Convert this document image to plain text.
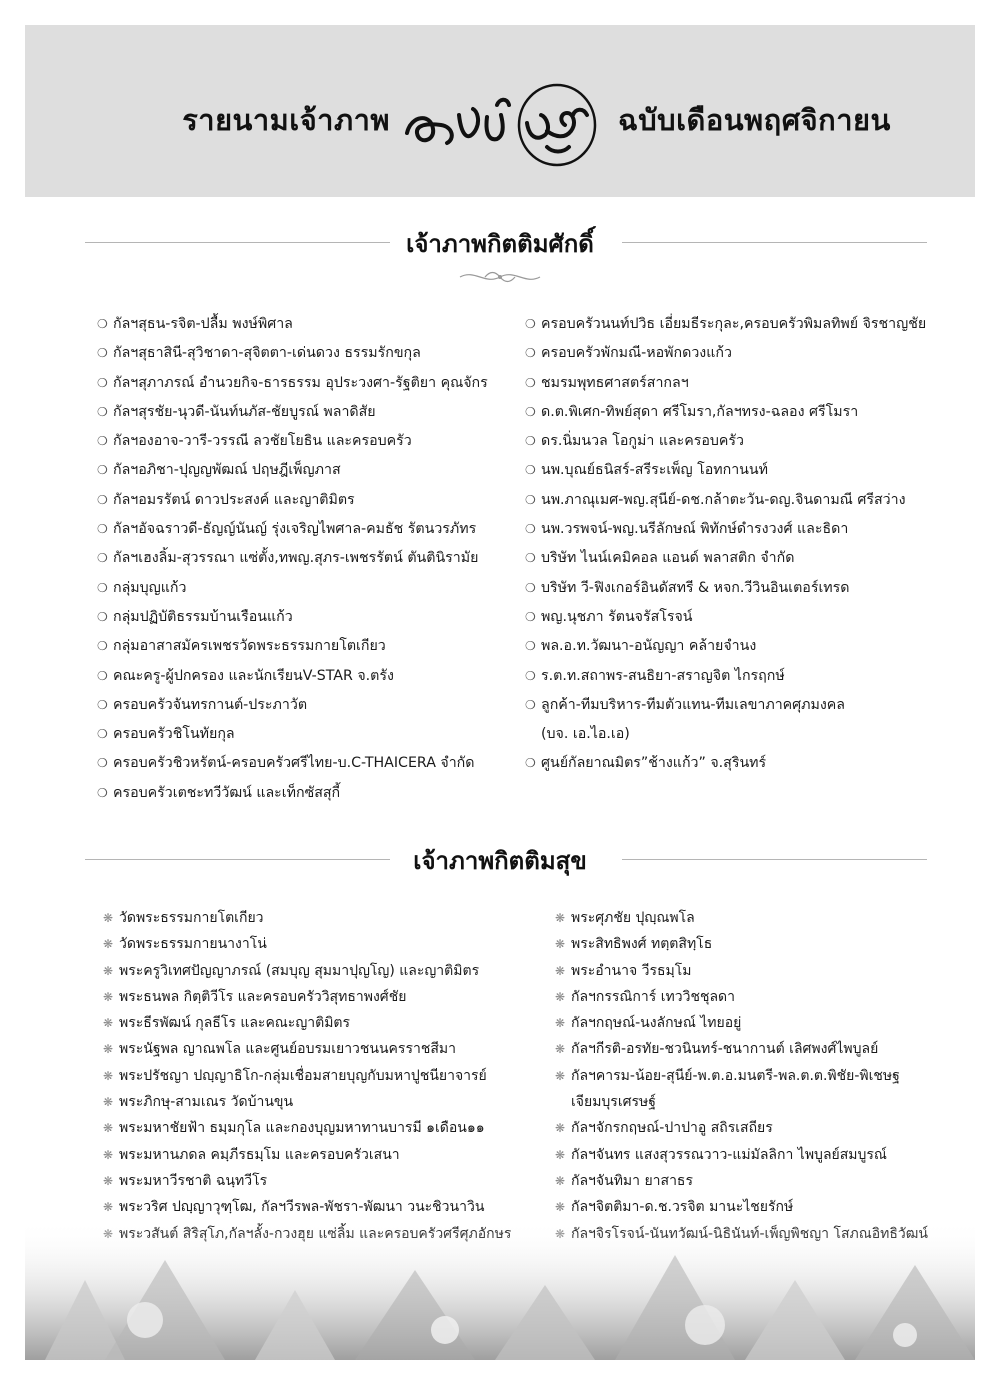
รายนามเจ้าภาพ
อยู่ในบุญ
ฉบับเดือนพฤศจิกายน
เจ้าภาพกิตติมศักดิ์
❍ กัลฯสุธน-รจิต-ปลื้ม พงษ์พิศาล
❍ กัลฯสุธาสินี-สุวิชาดา-สุจิตตา-เด่นดวง ธรรมรักขกุล
❍ กัลฯสุภาภรณ์ อำนวยกิจ-ธารธรรม อุประวงศา-รัฐติยา คุณจักร
❍ กัลฯสุรชัย-นุวดี-นันท์นภัส-ชัยบูรณ์ พลาดิสัย
❍ กัลฯองอาจ-วารี-วรรณี ลวชัยโยธิน และครอบครัว
❍ กัลฯอภิชา-ปุญญพัฒณ์ ปฤษฎีเพ็ญภาส
❍ กัลฯอมรรัตน์ ดาวประสงค์ และญาติมิตร
❍ กัลฯอัจฉราวดี-ธัญญ์นันญ์ รุ่งเจริญไพศาล-คมธัช รัตนวรภัทร
❍ กัลฯเฮงลิ้ม-สุวรรณา แซ่ตั้ง,ทพญ.สุภร-เพชรรัตน์ ตันตินิรามัย
❍ กลุ่มบุญแก้ว
❍ กลุ่มปฏิบัติธรรมบ้านเรือนแก้ว
❍ กลุ่มอาสาสมัครเพชรวัดพระธรรมกายโตเกียว
❍ คณะครู-ผู้ปกครอง และนักเรียนV-STAR จ.ตรัง
❍ ครอบครัวจันทรกานต์-ประภาวัต
❍ ครอบครัวชิโนทัยกุล
❍ ครอบครัวชิวหรัตน์-ครอบครัวศรีไทย-บ.C-THAICERA จำกัด
❍ ครอบครัวเตชะทวีวัฒน์ และเท็กซัสสุกี้
❍ ครอบครัวนนท์ปวิธ เอี่ยมธีระกุละ,ครอบครัวพิมลทิพย์ จิรชาญชัย
❍ ครอบครัวพักมณี-หอพักดวงแก้ว
❍ ชมรมพุทธศาสตร์สากลฯ
❍ ด.ต.พิเศก-ทิพย์สุดา ศรีโมรา,กัลฯทรง-ฉลอง ศรีโมรา
❍ ดร.นิ่มนวล โอกูม่า และครอบครัว
❍ นพ.บุณย์ธนิสร์-สรีระเพ็ญ โอทกานนท์
❍ นพ.ภาณุเมศ-พญ.สุนีย์-ดช.กล้าตะวัน-ดญ.จินดามณี ศรีสว่าง
❍ นพ.วรพจน์-พญ.นรีลักษณ์ พิทักษ์ดำรงวงศ์ และธิดา
❍ บริษัท ไนน์เคมิคอล แอนด์ พลาสติก จำกัด
❍ บริษัท วี-ฟิงเกอร์อินดัสทรี & หจก.วีวินอินเตอร์เทรด
❍ พญ.นุชภา รัตนจรัสโรจน์
❍ พล.อ.ท.วัฒนา-อนัญญา คล้ายจำนง
❍ ร.ต.ท.สถาพร-สนธิยา-สราญจิต ไกรฤกษ์
❍ ลูกค้า-ทีมบริหาร-ทีมตัวแทน-ทีมเลขาภาคศุภมงคล
(บจ. เอ.ไอ.เอ)
❍ ศูนย์กัลยาณมิตร”ช้างแก้ว” จ.สุรินทร์
เจ้าภาพกิตติมสุข
❋ วัดพระธรรมกายโตเกียว
❋ วัดพระธรรมกายนางาโน่
❋ พระครูวิเทศปัญญาภรณ์ (สมบุญ สุมมาปุญโญ) และญาติมิตร
❋ พระธนพล กิตฺติวีโร และครอบครัววิสุทธาพงศ์ชัย
❋ พระธีรพัฒน์ กุลธีโร และคณะญาติมิตร
❋ พระนัฐพล ญาณพโล และศูนย์อบรมเยาวชนนครราชสีมา
❋ พระปรัชญา ปญฺญาธิโก-กลุ่มเชื่อมสายบุญกับมหาปูชนียาจารย์
❋ พระภิกษุ-สามเณร วัดบ้านขุน
❋ พระมหาชัยฟ้า ธมฺมกุโล และกองบุญมหาทานบารมี ๑เดือน๑๑
❋ พระมหานภดล คมฺภีรธมฺโม และครอบครัวเสนา
❋ พระมหาวีรชาติ ฉนฺทวีโร
❋ พระวริศ ปญฺญาวุฑฺโฒ, กัลฯวีรพล-พัชรา-พัฒนา วนะชิวนาวิน
❋ พระศุภชัย ปุญฺณพโล
❋ พระสิทธิพงศ์ ทตฺตสิทฺโธ
❋ พระอำนาจ วีรธมฺโม
❋ กัลฯกรรณิการ์ เทววิชชุลดา
❋ กัลฯกฤษณ์-นงลักษณ์ ไทยอยู่
❋ กัลฯกีรติ-อรทัย-ชวนินทร์-ชนากานต์ เลิศพงศ์ไพบูลย์
❋ กัลฯคารม-น้อย-สุนีย์-พ.ต.อ.มนตรี-พล.ต.ต.พิชัย-พิเชษฐ
เจียมบุรเศรษฐ์
❋ กัลฯจักรกฤษณ์-ปาปาอู สถิรเสถียร
❋ กัลฯจันทร แสงสุวรรณวาว-แม่มัลลิกา ไพบูลย์สมบูรณ์
❋ กัลฯจันทิมา ยาสาธร
❋ กัลฯจิตติมา-ด.ช.วรจิต มานะไชยรักษ์
